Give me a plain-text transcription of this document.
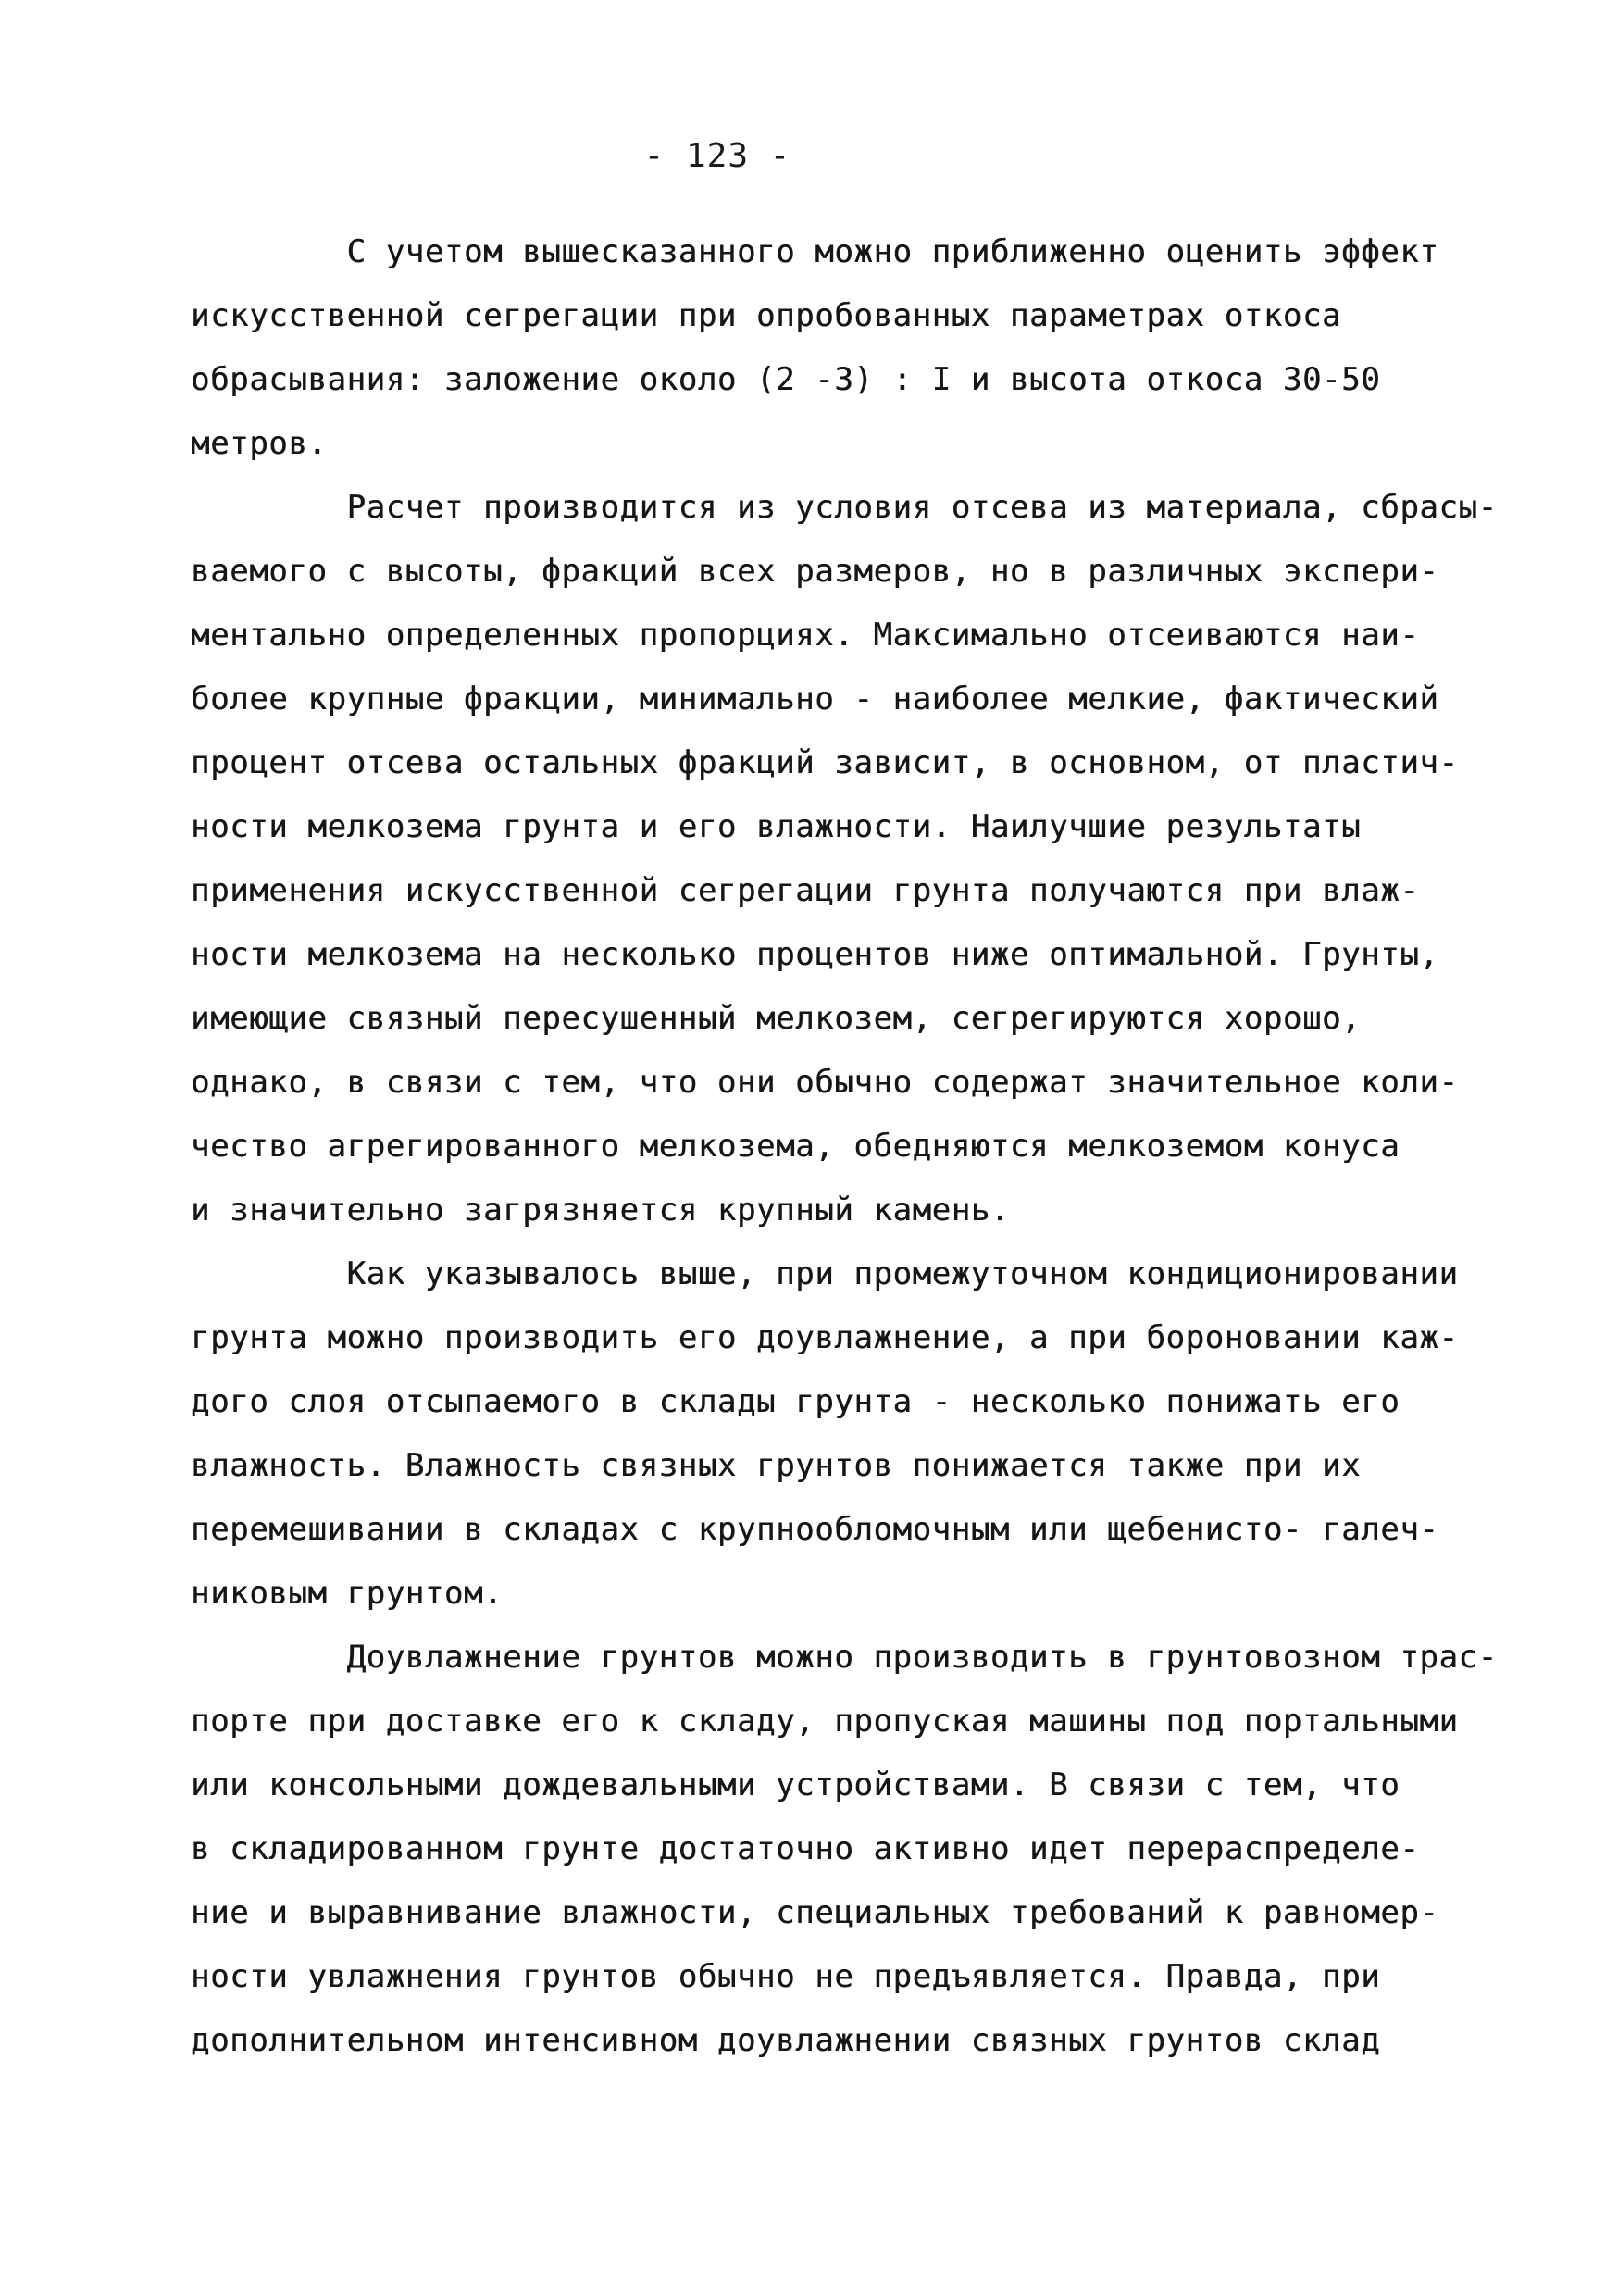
- 123 -
С учетом вышесказанного можно приближенно оценить эффект
искусственной сегрегации при опробованных параметрах откоса
обрасывания: заложение около (2 -3) : I и высота откоса 30-50
метров.
Расчет производится из условия отсева из материала, сбрасы-
ваемого с высоты, фракций всех размеров, но в различных экспери-
ментально определенных пропорциях. Максимально отсеиваются наи-
более крупные фракции, минимально - наиболее мелкие, фактический
процент отсева остальных фракций зависит, в основном, от пластич-
ности мелкозема грунта и его влажности. Наилучшие результаты
применения искусственной сегрегации грунта получаются при влаж-
ности мелкозема на несколько процентов ниже оптимальной. Грунты,
имеющие связный пересушенный мелкозем, сегрегируются хорошо,
однако, в связи с тем, что они обычно содержат значительное коли-
чество агрегированного мелкозема, обедняются мелкоземом конуса
и значительно загрязняется крупный камень.
Как указывалось выше, при промежуточном кондиционировании
грунта можно производить его доувлажнение, а при бороновании каж-
дого слоя отсыпаемого в склады грунта - несколько понижать его
влажность. Влажность связных грунтов понижается также при их
перемешивании в складах с крупнообломочным или щебенисто- галеч-
никовым грунтом.
Доувлажнение грунтов можно производить в грунтовозном трас-
порте при доставке его к складу, пропуская машины под портальными
или консольными дождевальными устройствами. В связи с тем, что
в складированном грунте достаточно активно идет перераспределе-
ние и выравнивание влажности, специальных требований к равномер-
ности увлажнения грунтов обычно не предъявляется. Правда, при
дополнительном интенсивном доувлажнении связных грунтов склад
